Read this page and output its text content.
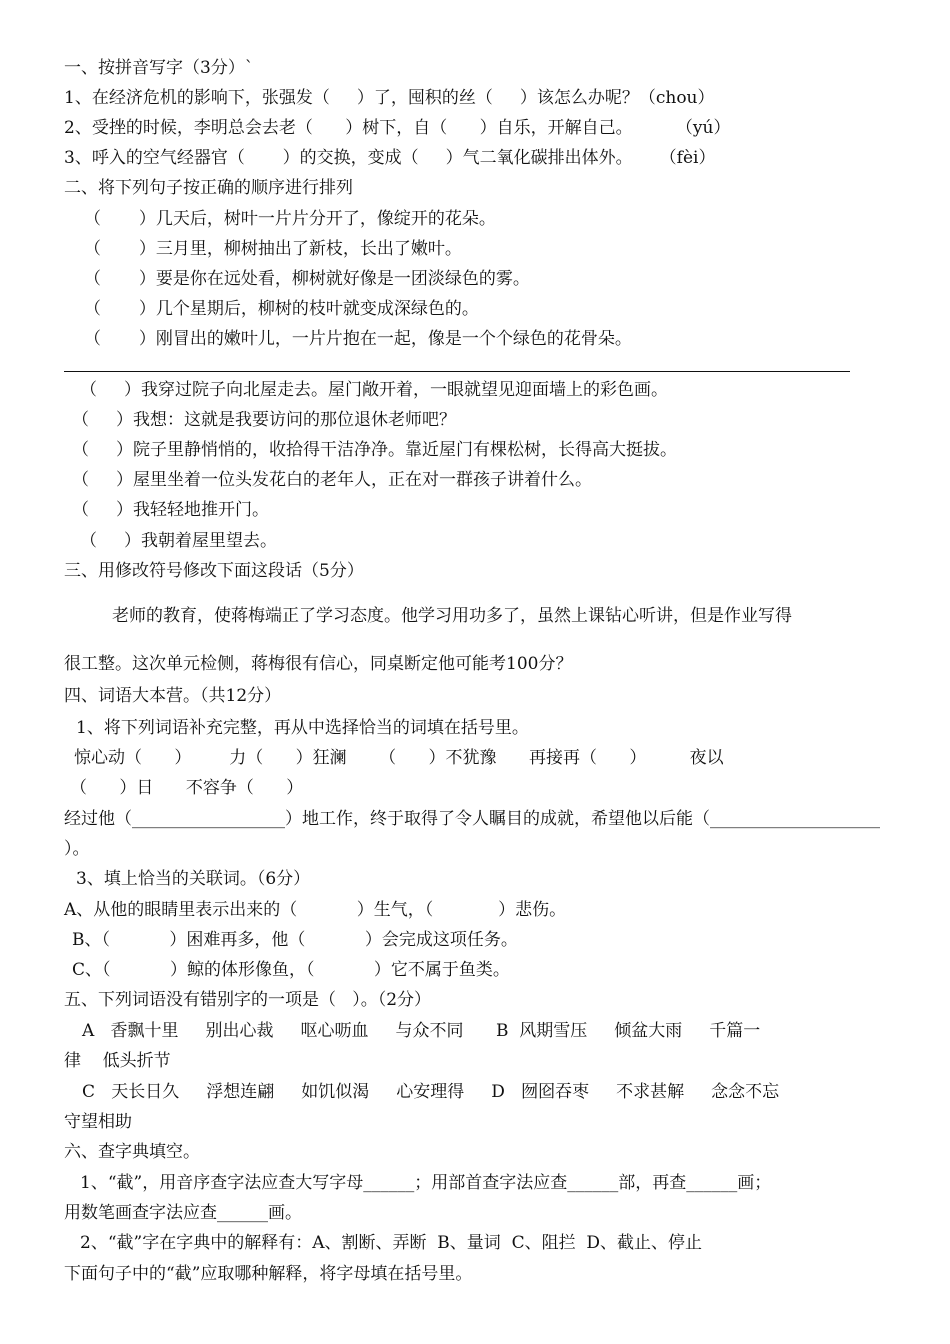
一、按拼音写字（3分）`
1、在经济危机的影响下，张强发（     ）了，囤积的丝（     ）该怎么办呢？（chou）
2、受挫的时候，李明总会去老（      ）树下，自（      ）自乐，开解自己。        （yú）
3、呼入的空气经器官（       ）的交换，变成（     ）气二氧化碳排出体外。     （fèi）
二、将下列句子按正确的顺序进行排列
（       ）几天后，树叶一片片分开了，像绽开的花朵。
（       ）三月里，柳树抽出了新枝，长出了嫩叶。
（       ）要是你在远处看，柳树就好像是一团淡绿色的雾。
（       ）几个星期后，柳树的枝叶就变成深绿色的。
（       ）刚冒出的嫩叶儿，一片片抱在一起，像是一个个绿色的花骨朵。
（     ）我穿过院子向北屋走去。屋门敞开着，一眼就望见迎面墙上的彩色画。
（     ）我想：这就是我要访问的那位退休老师吧？
（     ）院子里静悄悄的，收拾得干洁净净。靠近屋门有棵松树，长得高大挺拔。
（     ）屋里坐着一位头发花白的老年人，正在对一群孩子讲着什么。
（     ）我轻轻地推开门。
（     ）我朝着屋里望去。
三、用修改符号修改下面这段话（5分）
老师的教育，使蒋梅端正了学习态度。他学习用功多了，虽然上课钻心听讲，但是作业写得
很工整。这次单元检侧，蒋梅很有信心，同桌断定他可能考100分？
四、词语大本营。（共12分）
1、将下列词语补充完整，再从中选择恰当的词填在括号里。
惊心动（      ）       力（      ）狂澜      （      ）不犹豫      再接再（      ）        夜以
（      ）日      不容争（      ）
经过他（__________________）地工作，终于取得了令人瞩目的成就，希望他以后能（____________________
）。
3、填上恰当的关联词。（6分）
A、从他的眼睛里表示出来的（           ）生气，（            ）悲伤。
B、（           ）困难再多，他（           ）会完成这项任务。
C、（           ）鲸的体形像鱼，（           ）它不属于鱼类。
五、下列词语没有错别字的一项是（   ）。（2分）
A   香飘十里     别出心裁     呕心呖血     与众不同      B  风期雪压     倾盆大雨     千篇一
律    低头折节
C   天长日久     浮想连翩     如饥似渴     心安理得     D   囫囵吞枣     不求甚解     念念不忘
守望相助
六、查字典填空。
1、“截”，用音序查字法应查大写字母______；用部首查字法应查______部，再查______画；
用数笔画查字法应查______画。
2、“截”字在字典中的解释有：A、割断、弄断  B、量词  C、阻拦  D、截止、停止
下面句子中的“截”应取哪种解释，将字母填在括号里。
